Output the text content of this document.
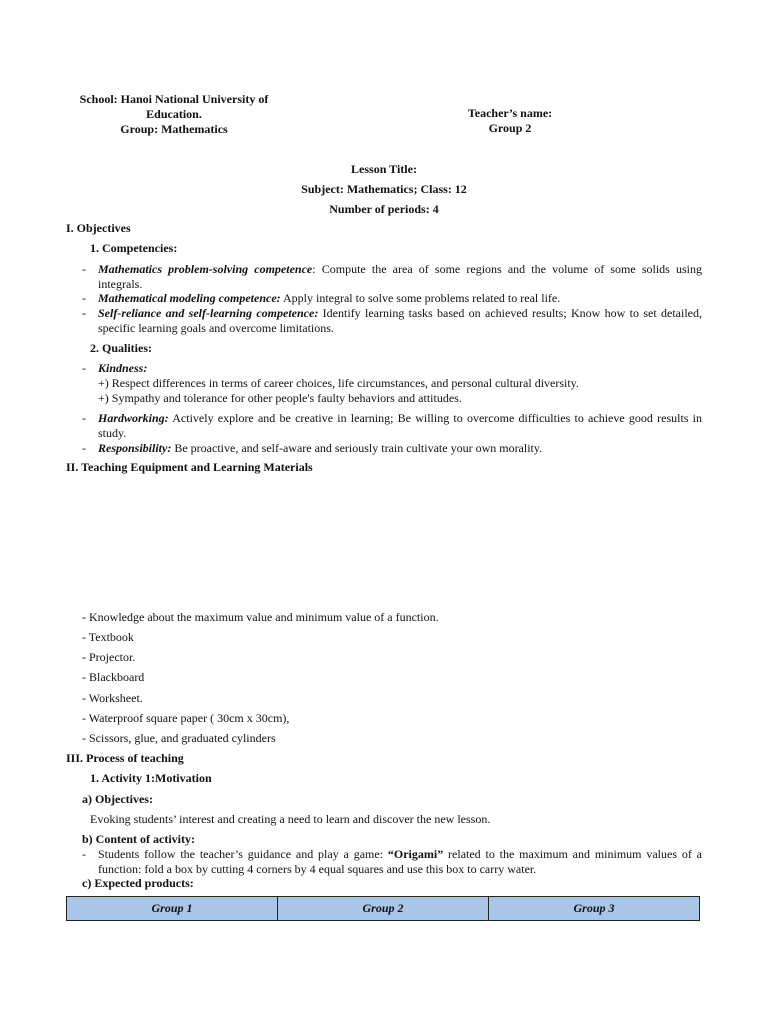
School: Hanoi National University of
Education.
Group: Mathematics
Teacher’s name:
Group 2
Lesson Title:
Subject: Mathematics; Class: 12
Number of periods: 4
I. Objectives
1. Competencies:
- Mathematics problem-solving competence: Compute the area of some regions and the volume of some solids using integrals.
- Mathematical modeling competence: Apply integral to solve some problems related to real life.
- Self-reliance and self-learning competence: Identify learning tasks based on achieved results; Know how to set detailed, specific learning goals and overcome limitations.
2. Qualities:
- Kindness:
+) Respect differences in terms of career choices, life circumstances, and personal cultural diversity.
+) Sympathy and tolerance for other people's faulty behaviors and attitudes.
- Hardworking: Actively explore and be creative in learning; Be willing to overcome difficulties to achieve good results in study.
- Responsibility: Be proactive, and self-aware and seriously train cultivate your own morality.
II. Teaching Equipment and Learning Materials
- Knowledge about the maximum value and minimum value of a function.
- Textbook
- Projector.
- Blackboard
- Worksheet.
- Waterproof square paper ( 30cm x 30cm),
- Scissors, glue, and graduated cylinders
III. Process of teaching
1. Activity 1:Motivation
a) Objectives:
Evoking students’ interest and creating a need to learn and discover the new lesson.
b) Content of activity:
- Students follow the teacher’s guidance and play a game: “Origami” related to the maximum and minimum values of a function: fold a box by cutting 4 corners by 4 equal squares and use this box to carry water.
c) Expected products:
Group 1	Group 2	Group 3
